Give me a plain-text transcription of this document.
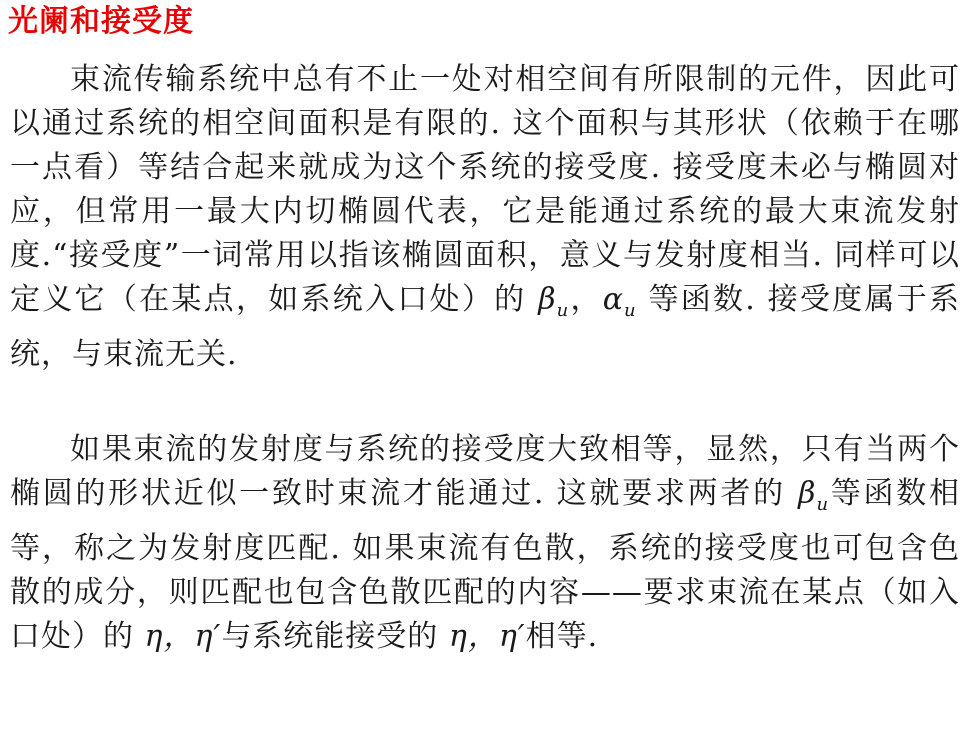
光阑和接受度
束流传输系统中总有不止一处对相空间有所限制的元件，因此可以通过系统的相空间面积是有限的. 这个面积与其形状（依赖于在哪一点看）等结合起来就成为这个系统的接受度. 接受度未必与椭圆对应，但常用一最大内切椭圆代表，它是能通过系统的最大束流发射度.“接受度”一词常用以指该椭圆面积，意义与发射度相当. 同样可以定义它（在某点，如系统入口处）的 $\beta_u$，$\alpha_u$ 等函数. 接受度属于系统，与束流无关.
如果束流的发射度与系统的接受度大致相等，显然，只有当两个椭圆的形状近似一致时束流才能通过. 这就要求两者的 $\beta_u$等函数相等，称之为发射度匹配. 如果束流有色散，系统的接受度也可包含色散的成分，则匹配也包含色散匹配的内容——要求束流在某点（如入口处）的 η，η′与系统能接受的 η，η′相等.
